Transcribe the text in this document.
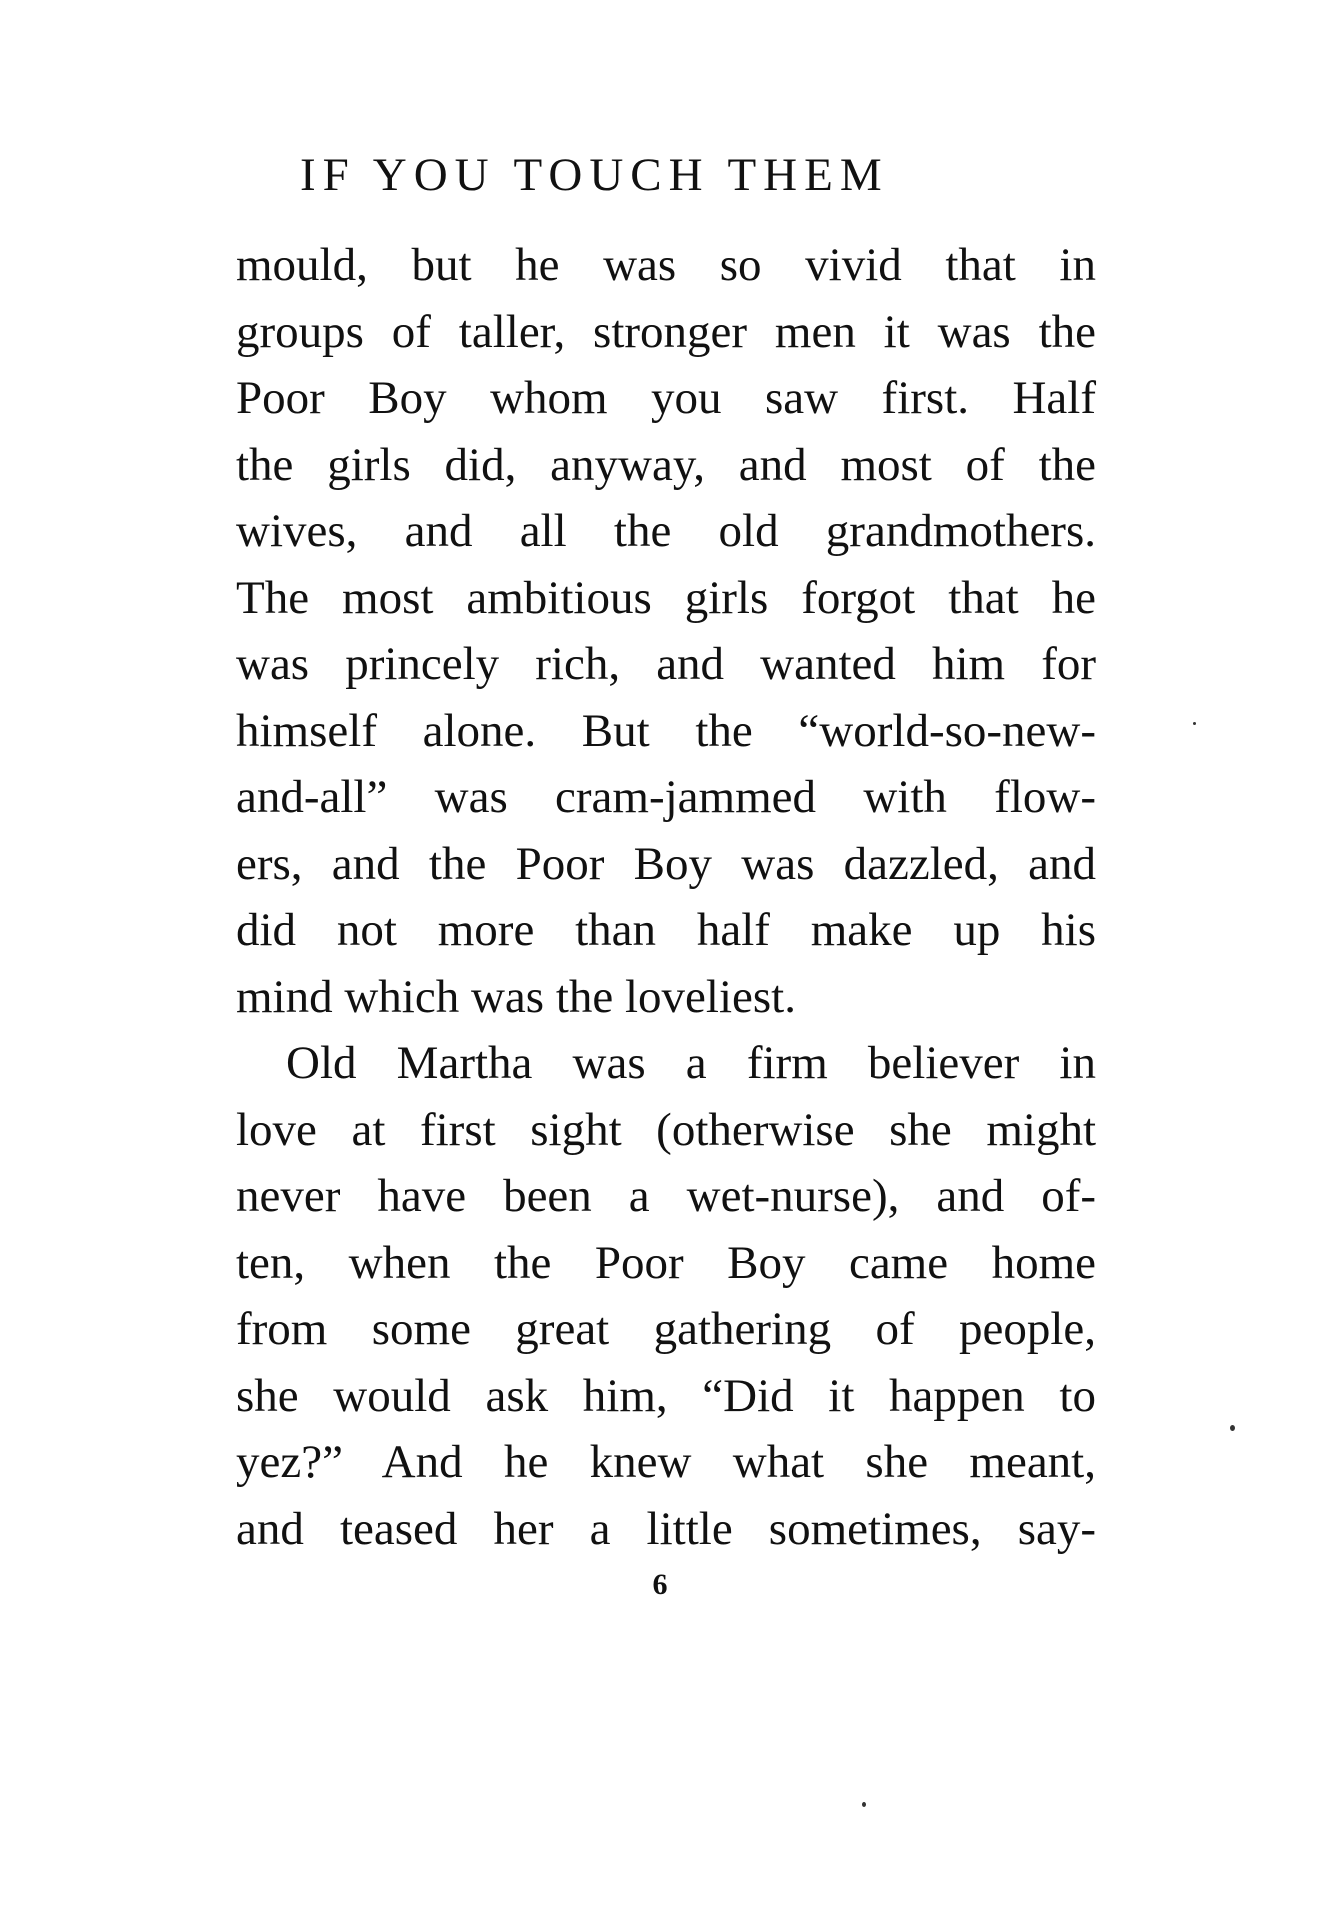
IF YOU TOUCH THEM
mould, but he was so vivid that in
groups of taller, stronger men it was the
Poor Boy whom you saw first. Half
the girls did, anyway, and most of the
wives, and all the old grandmothers.
The most ambitious girls forgot that he
was princely rich, and wanted him for
himself alone. But the “world-so-new-
and-all” was cram-jammed with flow-
ers, and the Poor Boy was dazzled, and
did not more than half make up his
mind which was the loveliest.
Old Martha was a firm believer in
love at first sight (otherwise she might
never have been a wet-nurse), and of-
ten, when the Poor Boy came home
from some great gathering of people,
she would ask him, “Did it happen to
yez?” And he knew what she meant,
and teased her a little sometimes, say-
6
